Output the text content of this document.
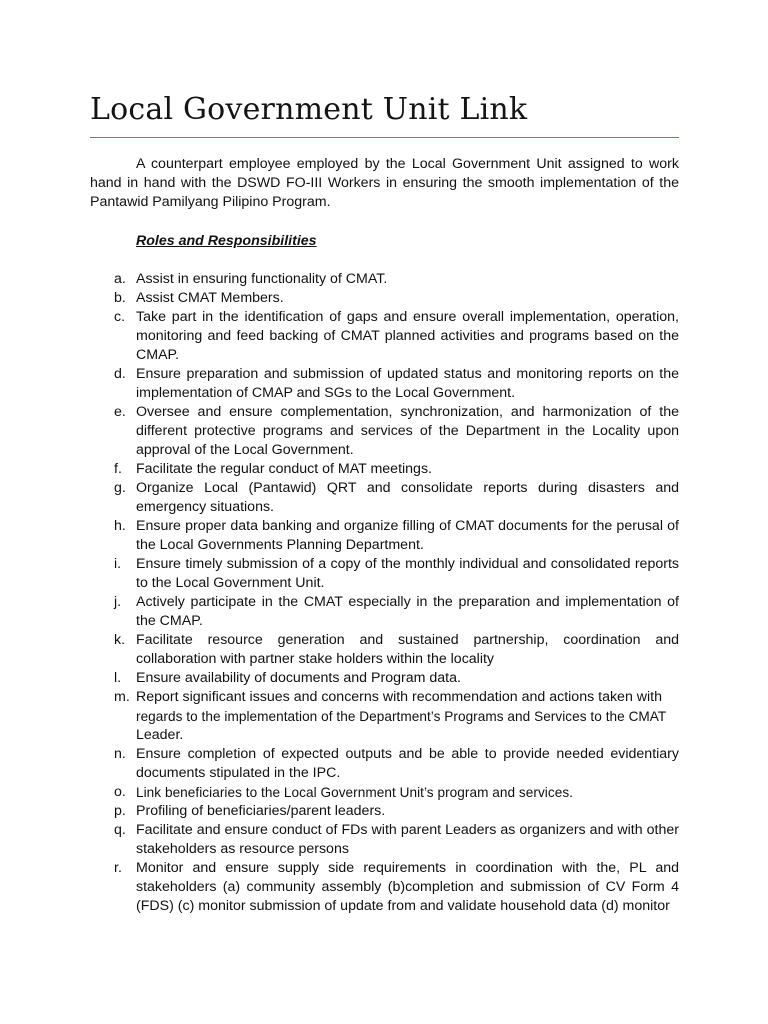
Local Government Unit Link

A counterpart employee employed by the Local Government Unit assigned to work hand in hand with the DSWD FO-III Workers in ensuring the smooth implementation of the Pantawid Pamilyang Pilipino Program.

Roles and Responsibilities

a. Assist in ensuring functionality of CMAT.
b. Assist CMAT Members.
c. Take part in the identification of gaps and ensure overall implementation, operation, monitoring and feed backing of CMAT planned activities and programs based on the CMAP.
d. Ensure preparation and submission of updated status and monitoring reports on the implementation of CMAP and SGs to the Local Government.
e. Oversee and ensure complementation, synchronization, and harmonization of the different protective programs and services of the Department in the Locality upon approval of the Local Government.
f. Facilitate the regular conduct of MAT meetings.
g. Organize Local (Pantawid) QRT and consolidate reports during disasters and emergency situations.
h. Ensure proper data banking and organize filling of CMAT documents for the perusal of the Local Governments Planning Department.
i. Ensure timely submission of a copy of the monthly individual and consolidated reports to the Local Government Unit.
j. Actively participate in the CMAT especially in the preparation and implementation of the CMAP.
k. Facilitate resource generation and sustained partnership, coordination and collaboration with partner stake holders within the locality
l. Ensure availability of documents and Program data.
m. Report significant issues and concerns with recommendation and actions taken with
regards to the implementation of the Department’s Programs and Services to the CMAT
Leader.
n. Ensure completion of expected outputs and be able to provide needed evidentiary documents stipulated in the IPC.
o. Link beneficiaries to the Local Government Unit’s program and services.
p. Profiling of beneficiaries/parent leaders.
q. Facilitate and ensure conduct of FDs with parent Leaders as organizers and with other stakeholders as resource persons
r. Monitor and ensure supply side requirements in coordination with the, PL and stakeholders (a) community assembly (b)completion and submission of CV Form 4 (FDS) (c) monitor submission of update from and validate household data (d) monitor
